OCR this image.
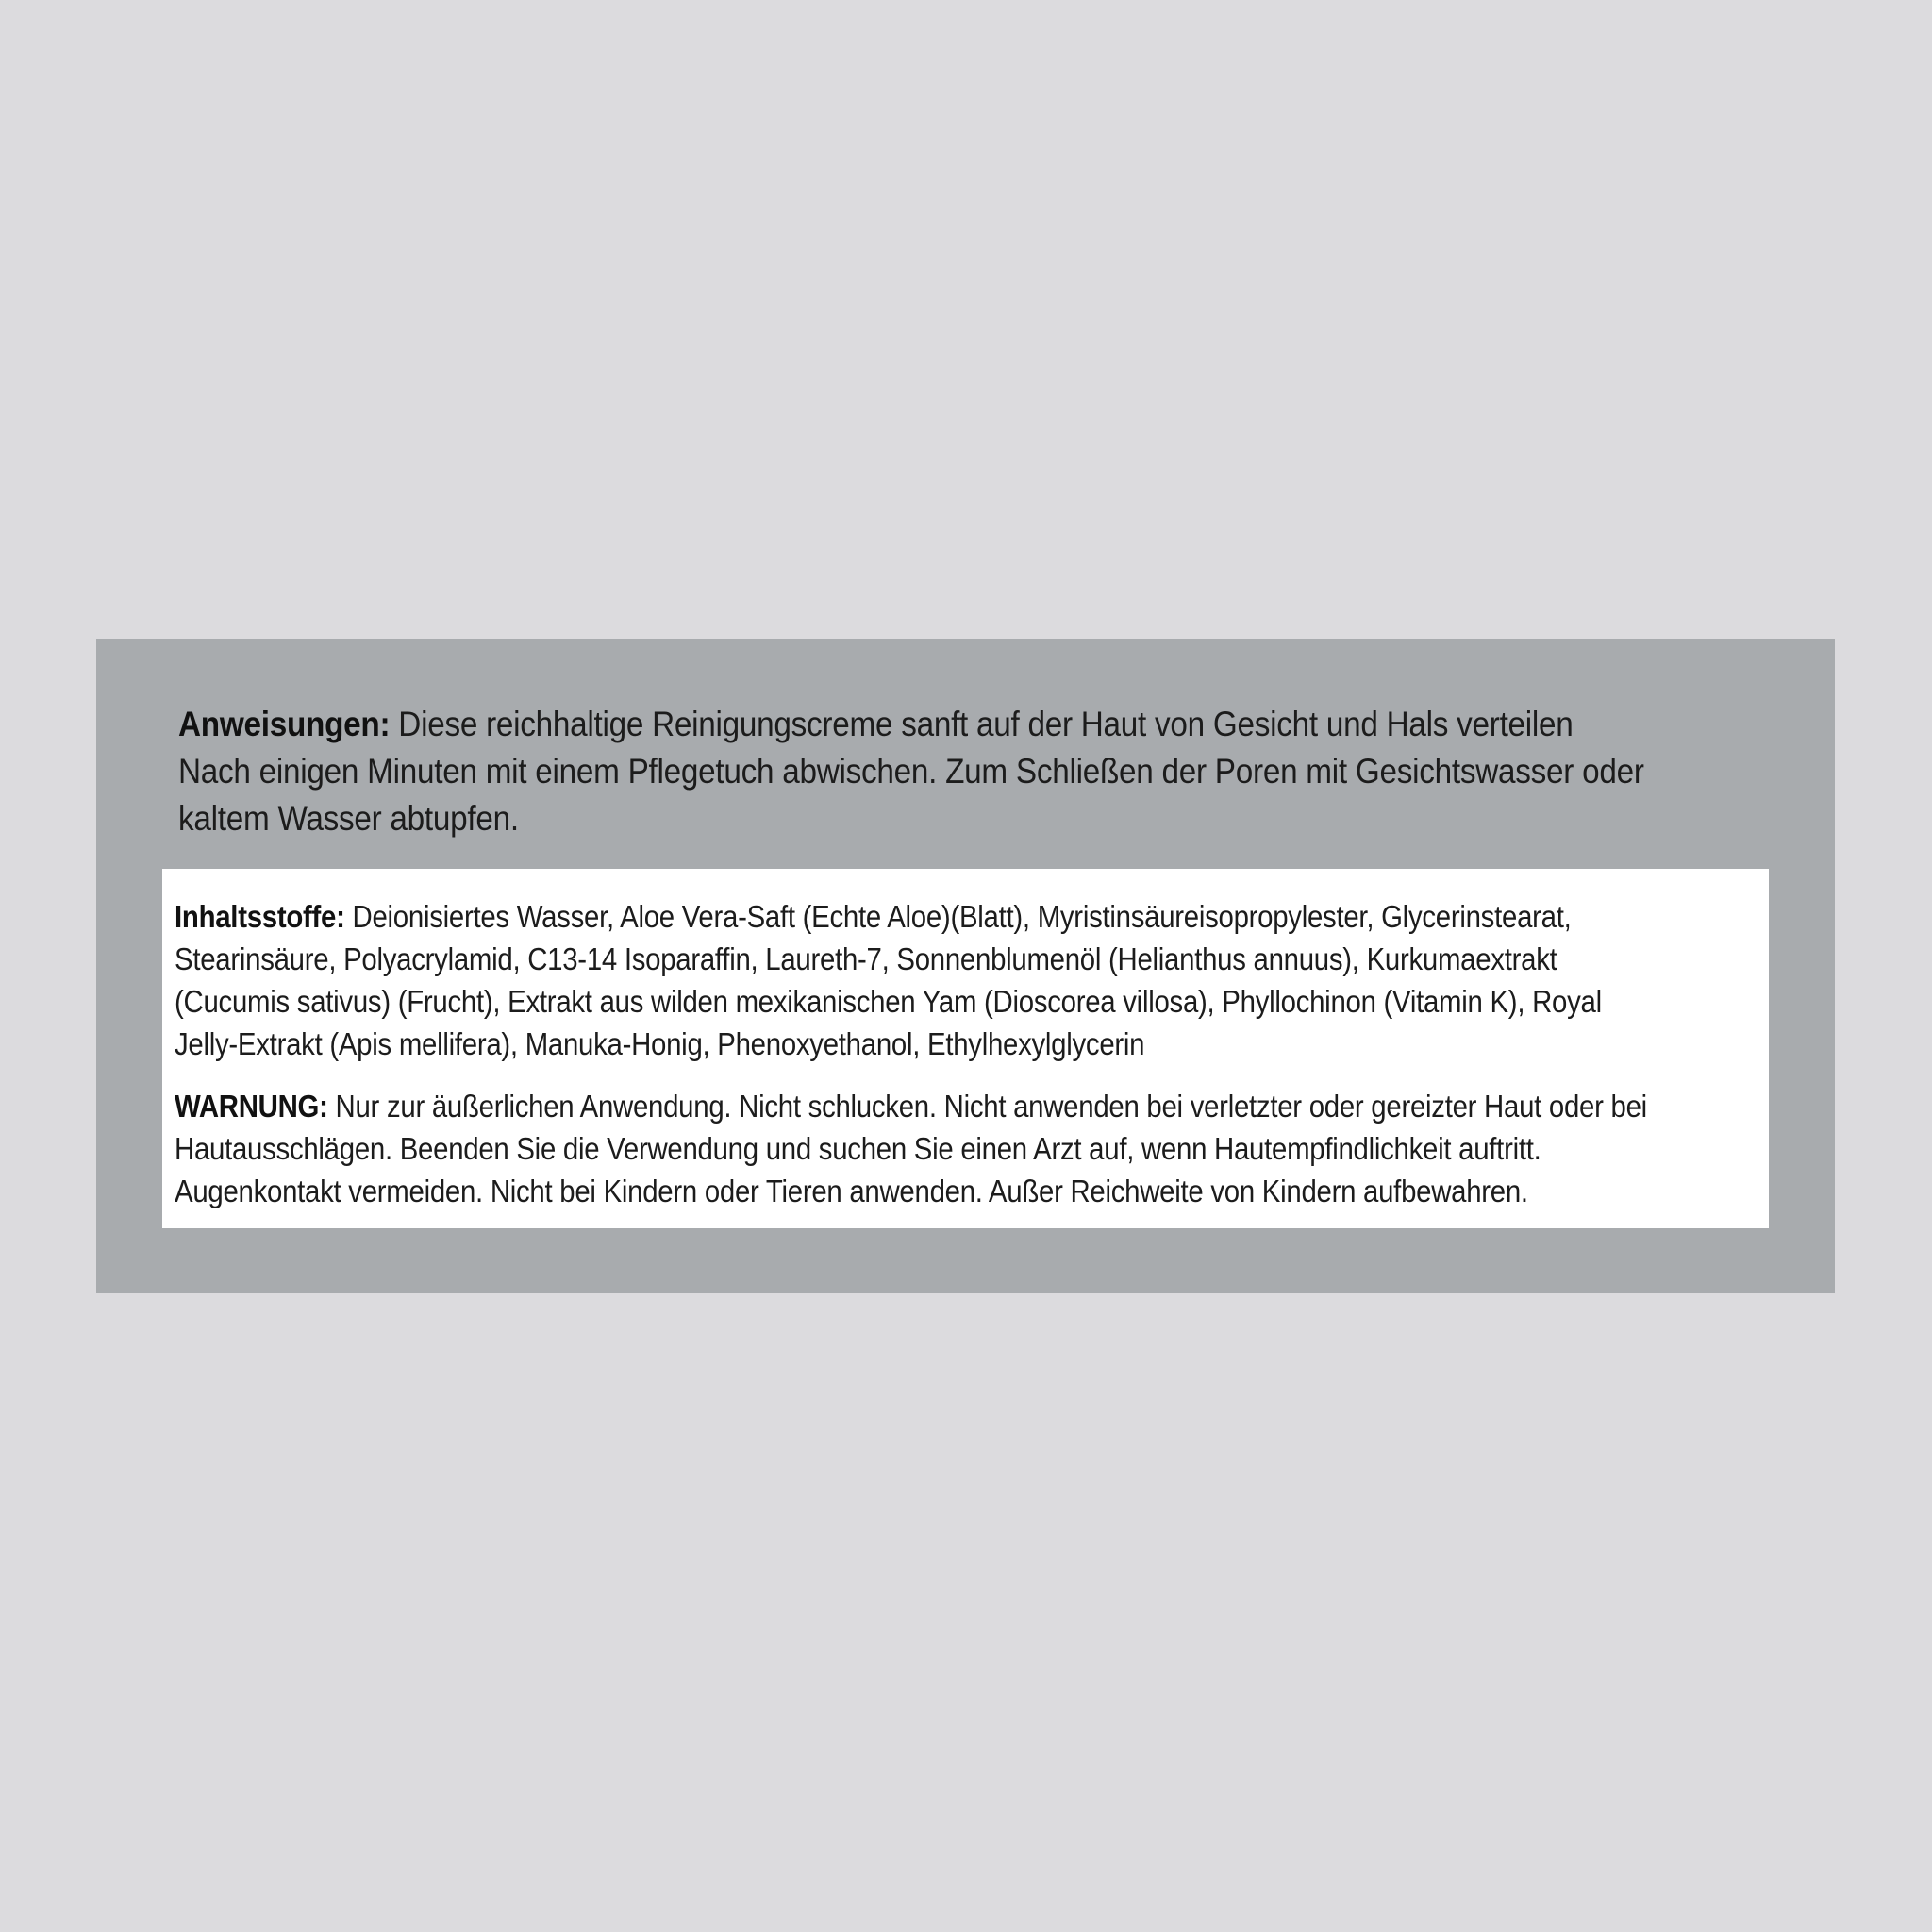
Anweisungen: Diese reichhaltige Reinigungscreme sanft auf der Haut von Gesicht und Hals verteilen
Nach einigen Minuten mit einem Pflegetuch abwischen. Zum Schließen der Poren mit Gesichtswasser oder
kaltem Wasser abtupfen.

Inhaltsstoffe: Deionisiertes Wasser, Aloe Vera-Saft (Echte Aloe)(Blatt), Myristinsäureisopropylester, Glycerinstearat,
Stearinsäure, Polyacrylamid, C13-14 Isoparaffin, Laureth-7, Sonnenblumenöl (Helianthus annuus), Kurkumaextrakt
(Cucumis sativus) (Frucht), Extrakt aus wilden mexikanischen Yam (Dioscorea villosa), Phyllochinon (Vitamin K), Royal
Jelly-Extrakt (Apis mellifera), Manuka-Honig, Phenoxyethanol, Ethylhexylglycerin

WARNUNG: Nur zur äußerlichen Anwendung. Nicht schlucken. Nicht anwenden bei verletzter oder gereizter Haut oder bei
Hautausschlägen. Beenden Sie die Verwendung und suchen Sie einen Arzt auf, wenn Hautempfindlichkeit auftritt.
Augenkontakt vermeiden. Nicht bei Kindern oder Tieren anwenden. Außer Reichweite von Kindern aufbewahren.
